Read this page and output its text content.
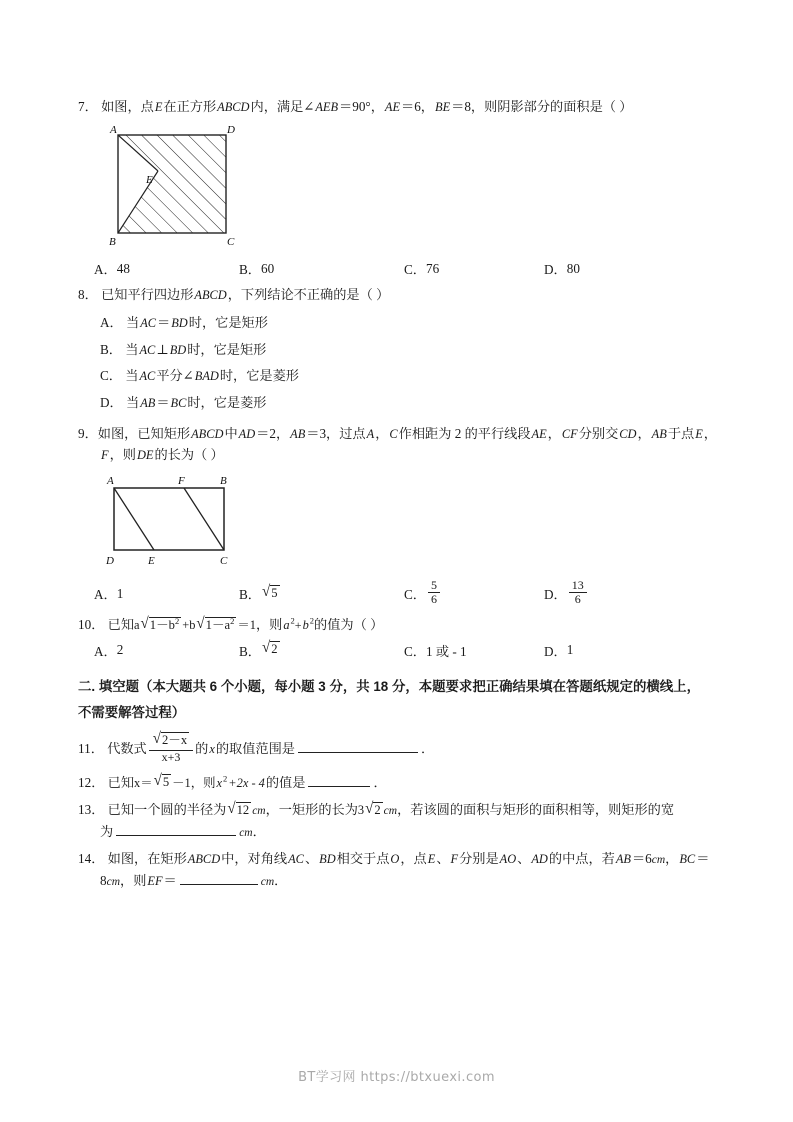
7． 如图，点E在正方形ABCD内，满足∠AEB＝90°，AE＝6，BE＝8，则阴影部分的面积是（ ）
A	D
E
B	C
A． 48	B． 60	C． 76	D． 80
8． 已知平行四边形ABCD，下列结论不正确的是（ ）
A． 当AC＝BD时，它是矩形
B． 当AC⊥BD时，它是矩形
C． 当AC平分∠BAD时，它是菱形
D． 当AB＝BC时，它是菱形
9．如图，已知矩形ABCD中AD＝2，AB＝3，过点A，C作相距为 2 的平行线段AE，CF分别交CD，AB于点E，
F，则DE的长为（ ）
A	F	B
D	E	C
A． 1	B． √ 5	C． $\frac{5}{6}$	D． $\frac{13}{6}$
10． 已知a √ $1-b^2 +b$ √ $1-a^2 =1$，则$a^2+b^2$的值为（ ）
A． 2	B． √ 2	C． 1 或 - 1	D． 1
二. 填空题（本大题共 6 个小题，每小题 3 分，共 18 分，本题要求把正确结果填在答题纸规定的横线上，
不需要解答过程）
11． 代数式 $\frac{√ 2-x}{x+3}$ 的x的取值范围是	．
12． 已知x＝ √ 5 －1，则$x^2+2x - 4$的值是	．
13． 已知一个圆的半径为 √ 12 cm，一矩形的长为3 √ 2 cm，若该圆的面积与矩形的面积相等，则矩形的宽
为	cm．
14． 如图，在矩形ABCD中，对角线AC、BD相交于点O，点E、F分别是AO、AD的中点，若AB＝6cm，BC＝
8cm，则EF＝	cm．
BT学习网 https://btxuexi.com
